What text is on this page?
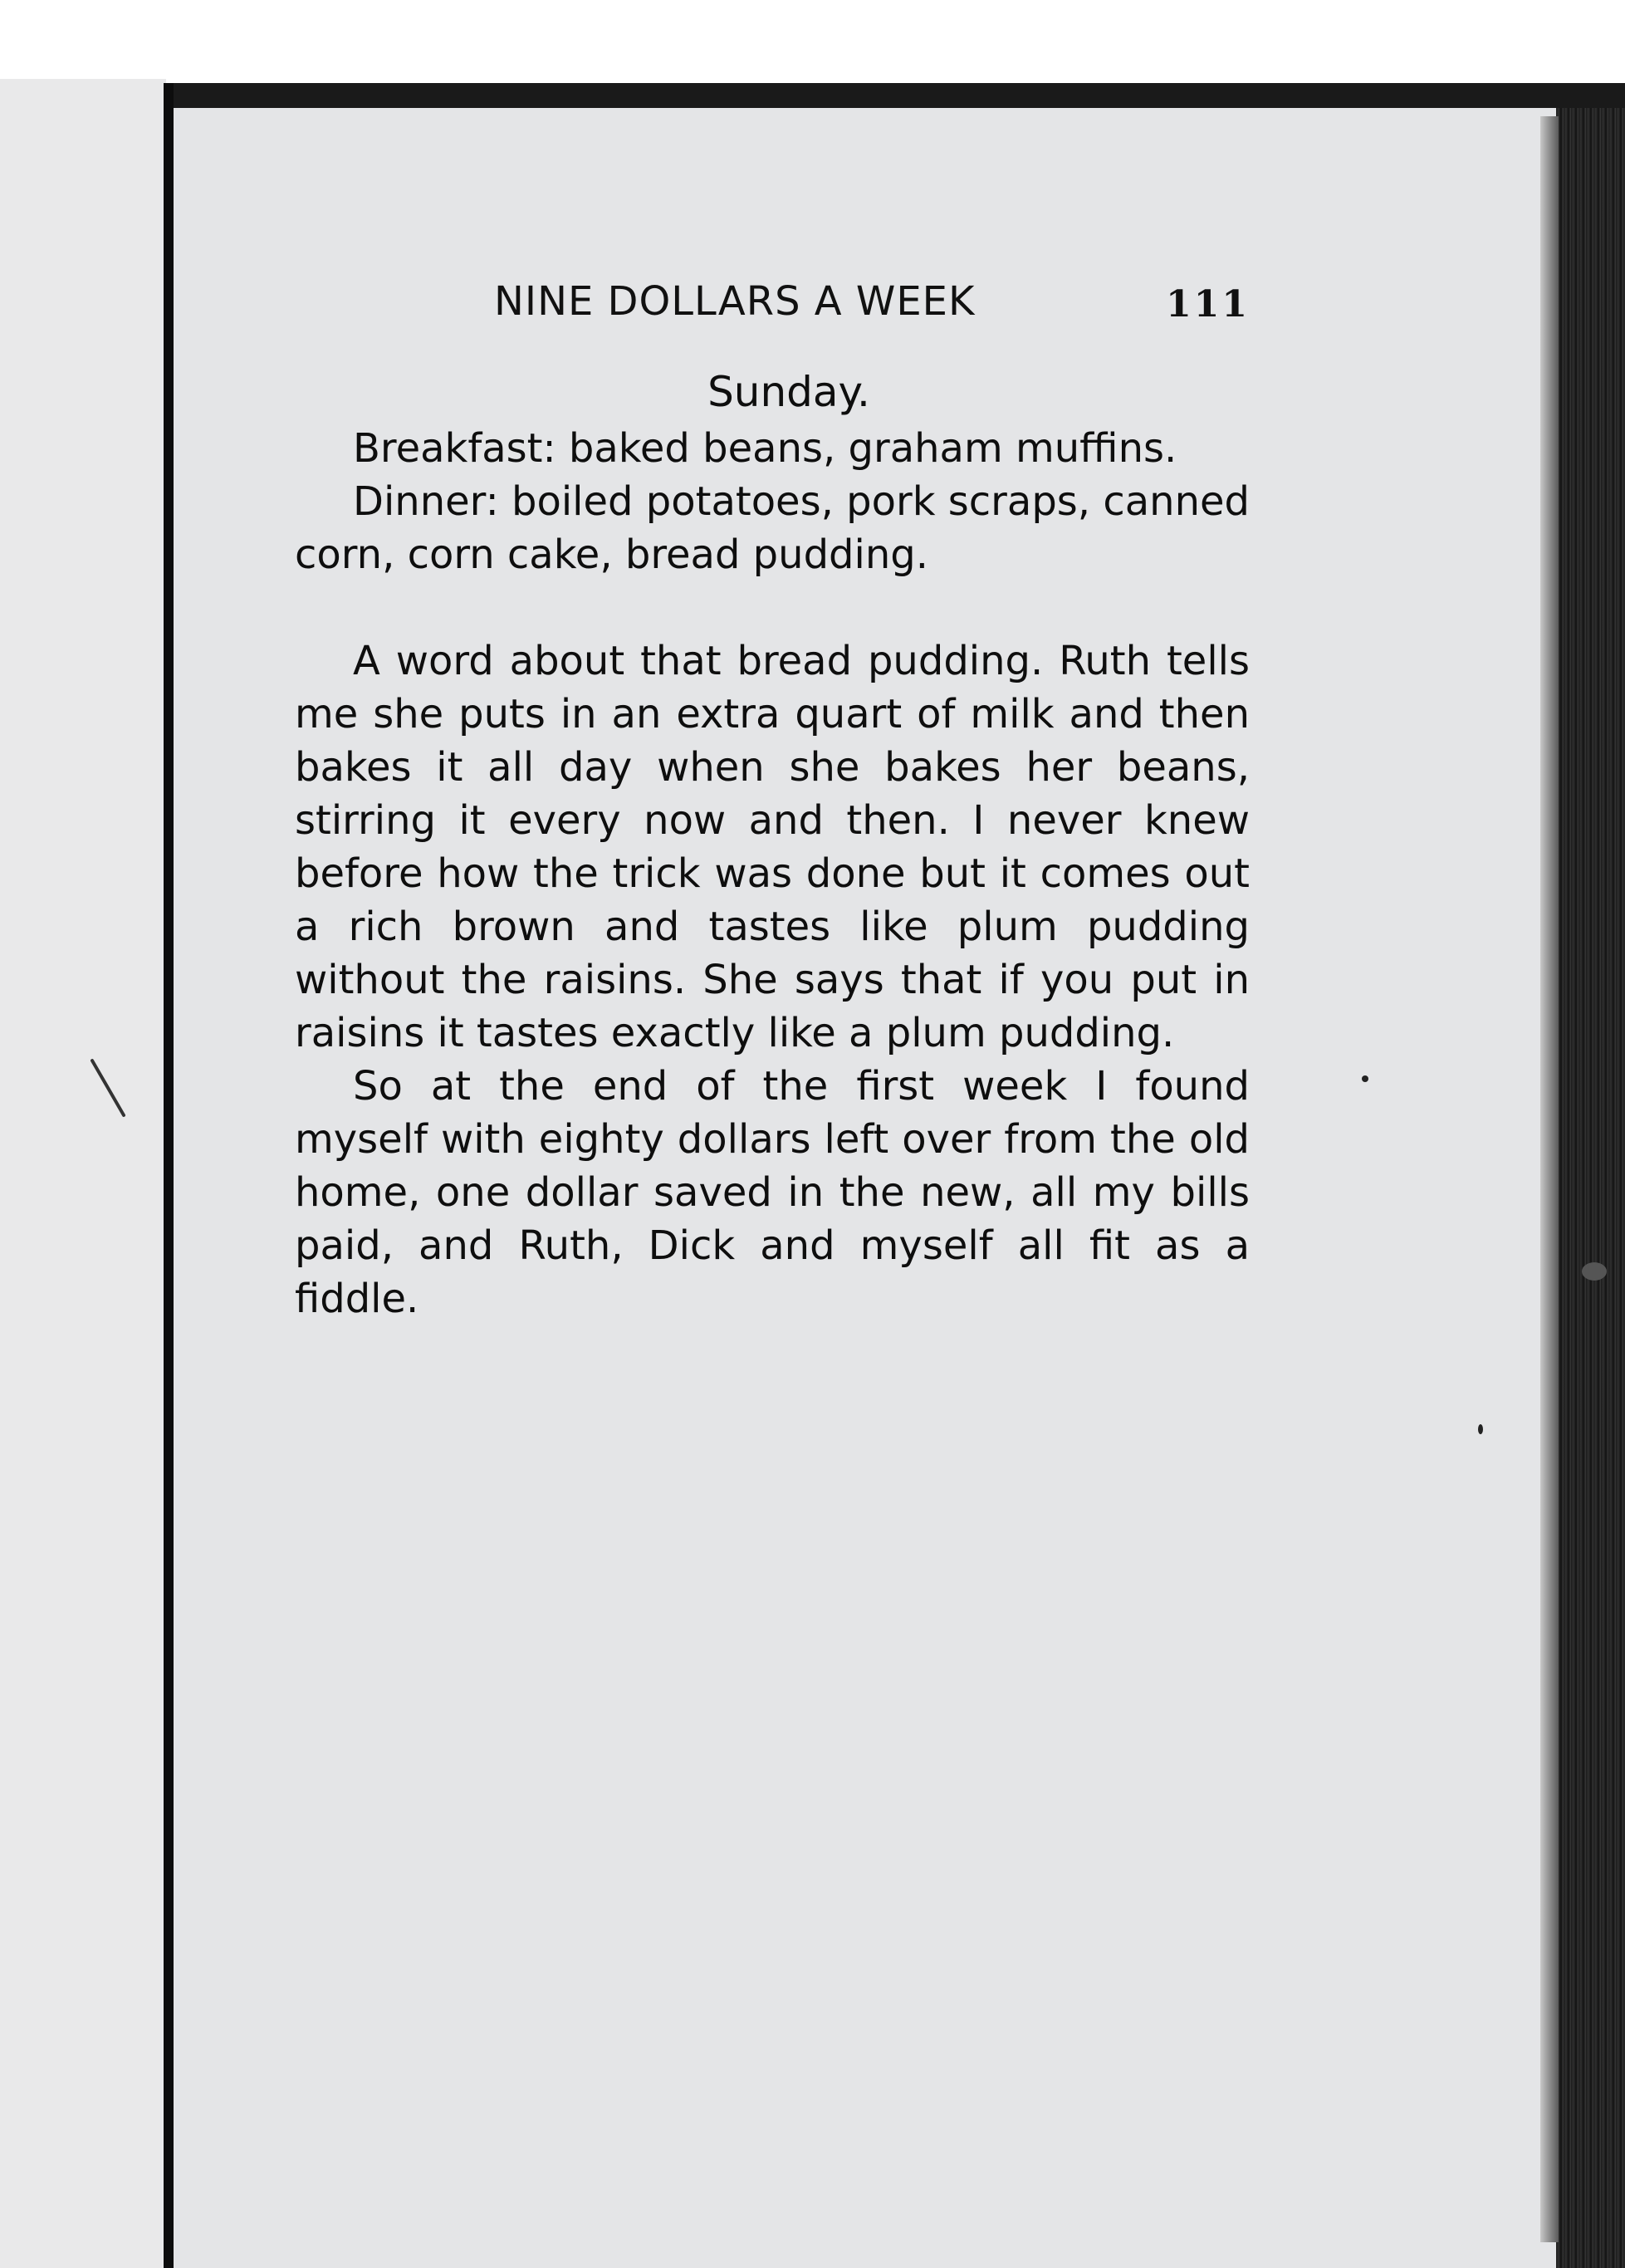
NINE DOLLARS A WEEK	111
Sunday.

Breakfast: baked beans, graham muffins.

Dinner: boiled potatoes, pork scraps, canned corn, corn cake, bread pudding.

A word about that bread pudding. Ruth tells me she puts in an extra quart of milk and then bakes it all day when she bakes her beans, stirring it every now and then. I never knew before how the trick was done but it comes out a rich brown and tastes like plum pudding without the raisins. She says that if you put in raisins it tastes exactly like a plum pudding.

So at the end of the first week I found myself with eighty dollars left over from the old home, one dollar saved in the new, all my bills paid, and Ruth, Dick and myself all fit as a fiddle.
